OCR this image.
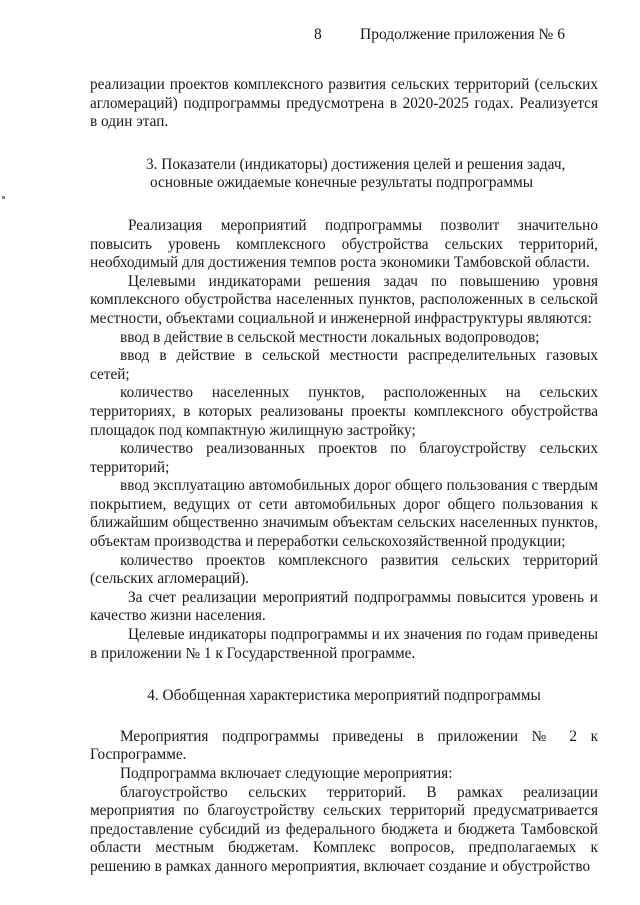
8 Продолжение приложения № 6

реализации проектов комплексного развития сельских территорий (сельских агломераций) подпрограммы предусмотрена в 2020-2025 годах. Реализуется в один этап.

3. Показатели (индикаторы) достижения целей и решения задач,
основные ожидаемые конечные результаты подпрограммы

Реализация мероприятий подпрограммы позволит значительно повысить уровень комплексного обустройства сельских территорий, необходимый для достижения темпов роста экономики Тамбовской области.

Целевыми индикаторами решения задач по повышению уровня комплексного обустройства населенных пунктов, расположенных в сельской местности, объектами социальной и инженерной инфраструктуры являются:

ввод в действие в сельской местности локальных водопроводов;

ввод в действие в сельской местности распределительных газовых сетей;

количество населенных пунктов, расположенных на сельских территориях, в которых реализованы проекты комплексного обустройства площадок под компактную жилищную застройку;

количество реализованных проектов по благоустройству сельских территорий;

ввод эксплуатацию автомобильных дорог общего пользования с твердым покрытием, ведущих от сети автомобильных дорог общего пользования к ближайшим общественно значимым объектам сельских населенных пунктов, объектам производства и переработки сельскохозяйственной продукции;

количество проектов комплексного развития сельских территорий (сельских агломераций).

За счет реализации мероприятий подпрограммы повысится уровень и качество жизни населения.

Целевые индикаторы подпрограммы и их значения по годам приведены в приложении № 1 к Государственной программе.

4. Обобщенная характеристика мероприятий подпрограммы

Мероприятия подпрограммы приведены в приложении № 2 к Госпрограмме.

Подпрограмма включает следующие мероприятия:

благоустройство сельских территорий. В рамках реализации мероприятия по благоустройству сельских территорий предусматривается предоставление субсидий из федерального бюджета и бюджета Тамбовской области местным бюджетам. Комплекс вопросов, предполагаемых к решению в рамках данного мероприятия, включает создание и обустройство
